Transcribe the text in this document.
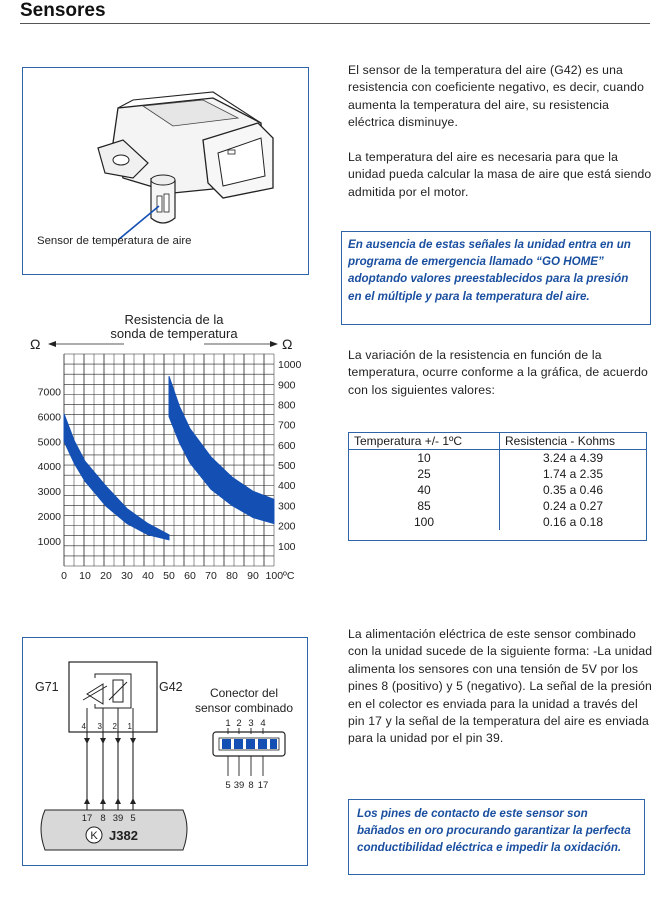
Sensores
Sensor de temperatura de aire
El sensor de la temperatura del aire (G42) es una resistencia con coeficiente negativo, es decir, cuando aumenta la temperatura del aire, su resistencia eléctrica disminuye.
La temperatura del aire es necesaria para que la unidad pueda calcular la masa de aire que está siendo admitida por el motor.
En ausencia de estas señales la unidad entra en un programa de emergencia llamado “GO HOME” adoptando valores preestablecidos para la presión en el múltiple y para la temperatura del aire.
La variación de la resistencia en función de la temperatura, ocurre conforme a la gráfica, de acuerdo con los siguientes valores:
Temperatura +/- 1ºC	Resistencia - Kohms
10	3.24 a 4.39
25	1.74 a 2.35
40	0.35 a 0.46
85	0.24 a 0.27
100	0.16 a 0.18
Resistencia de la
sonda de temperatura
0 10 20 30 40 50 60 70 80 90 100ºC
7000
6000
5000
4000
3000
2000
1000
1000
900
800
700
600
500
400
300
200
100
Ω	Ω
La alimentación eléctrica de este sensor combinado con la unidad sucede de la siguiente forma: -La unidad alimenta los sensores con una tensión de 5V por los pines 8 (positivo) y 5 (negativo). La señal de la presión en el colector es enviada para la unidad a través del pin 17 y la señal de la temperatura del aire es enviada para la unidad por el pin 39.
Los pines de contacto de este sensor son bañados en oro procurando garantizar la perfecta conductibilidad eléctrica e impedir la oxidación.
G71	G42
4 3 2 1
17 8 39 5
K J382
Conector del
sensor combinado
1 2 3 4
5 39 8 17
